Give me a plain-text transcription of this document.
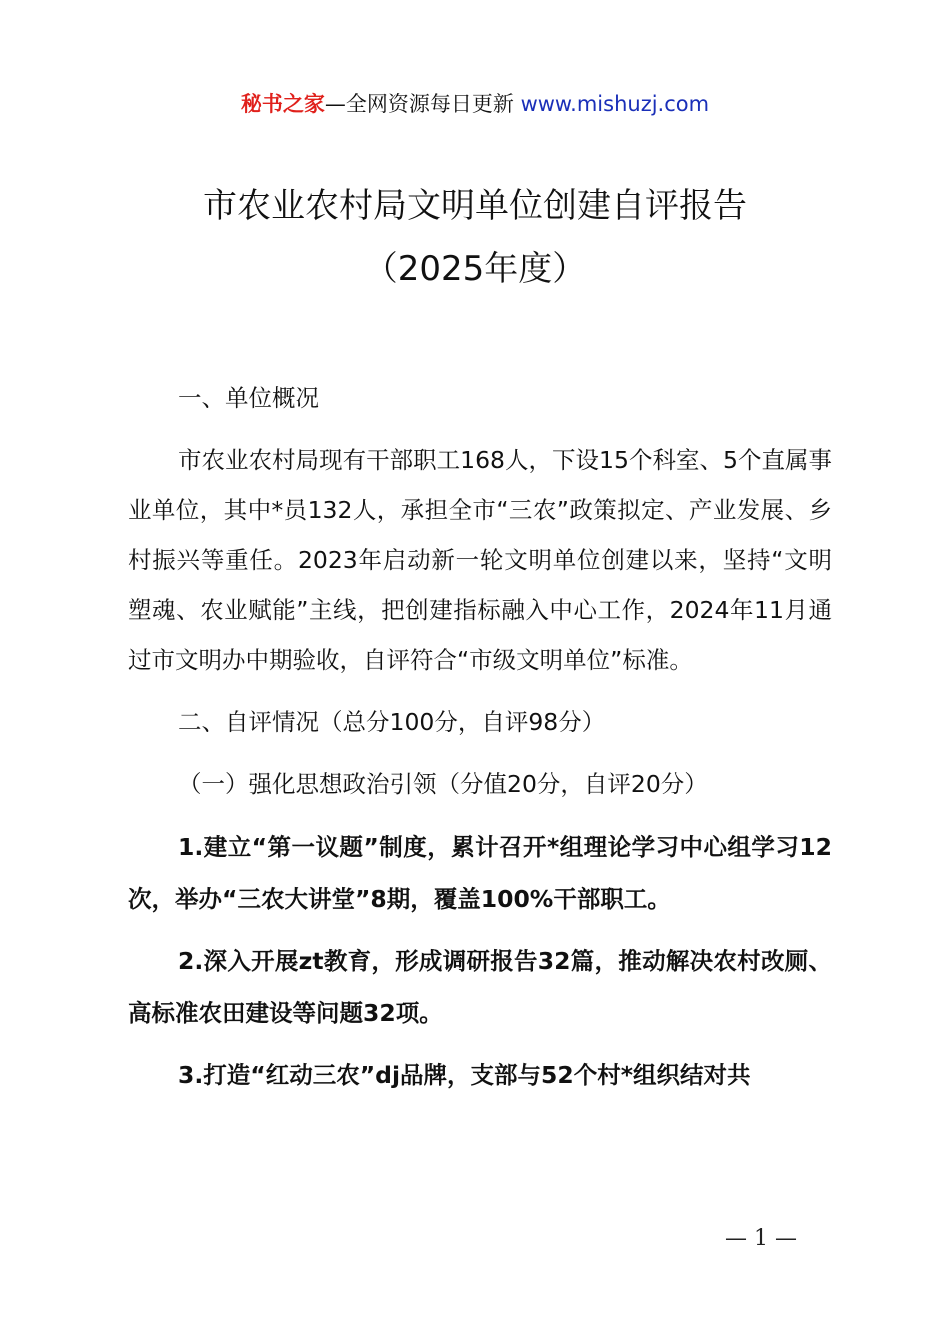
秘书之家—全网资源每日更新 www.mishuzj.com
市农业农村局文明单位创建自评报告
（2025年度）

一、单位概况

市农业农村局现有干部职工168人，下设15个科室、5个直属事业单位，其中*员132人，承担全市“三农”政策拟定、产业发展、乡村振兴等重任。2023年启动新一轮文明单位创建以来，坚持“文明塑魂、农业赋能”主线，把创建指标融入中心工作，2024年11月通过市文明办中期验收，自评符合“市级文明单位”标准。

二、自评情况（总分100分，自评98分）

（一）强化思想政治引领（分值20分，自评20分）

1.建立“第一议题”制度，累计召开*组理论学习中心组学习12次，举办“三农大讲堂”8期，覆盖100%干部职工。

2.深入开展zt教育，形成调研报告32篇，推动解决农村改厕、高标准农田建设等问题32项。

3.打造“红动三农”dj品牌，支部与52个村*组织结对共

— 1 —
